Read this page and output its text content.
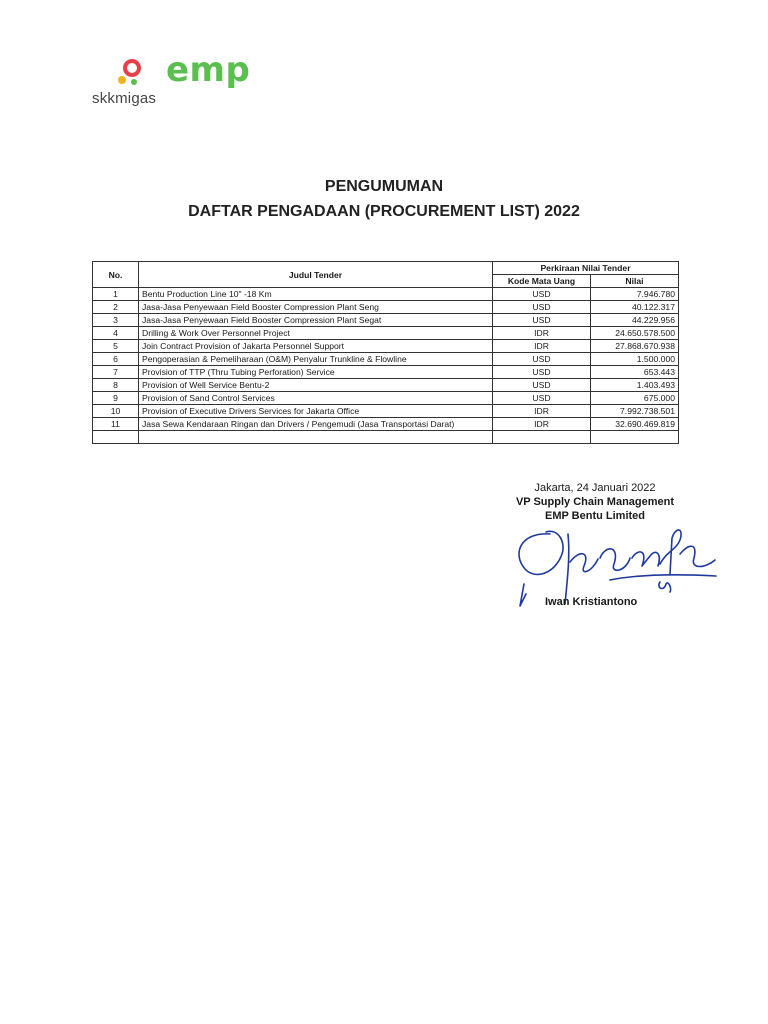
skkmigas
emp
PENGUMUMAN
DAFTAR PENGADAAN (PROCUREMENT LIST) 2022
No.	Judul Tender	Perkiraan Nilai Tender	
		Kode Mata Uang	Nilai
1	Bentu Production Line 10" -18 Km	USD	7.946.780
2	Jasa-Jasa Penyewaan Field Booster Compression Plant Seng	USD	40.122.317
3	Jasa-Jasa Penyewaan Field Booster Compression Plant Segat	USD	44.229.956
4	Drilling & Work Over Personnel Project	IDR	24.650.578.500
5	Join Contract Provision of Jakarta Personnel Support	IDR	27.868.670.938
6	Pengoperasian & Pemeliharaan (O&M) Penyalur Trunkline & Flowline	USD	1.500.000
7	Provision of TTP (Thru Tubing Perforation) Service	USD	653.443
8	Provision of Well Service Bentu-2	USD	1.403.493
9	Provision of Sand Control Services	USD	675.000
10	Provision of Executive Drivers Services for Jakarta Office	IDR	7.992.738.501
11	Jasa Sewa Kendaraan Ringan dan Drivers / Pengemudi (Jasa Transportasi Darat)	IDR	32.690.469.819

Jakarta, 24 Januari 2022
VP Supply Chain Management
EMP Bentu Limited
Iwan Kristiantono
